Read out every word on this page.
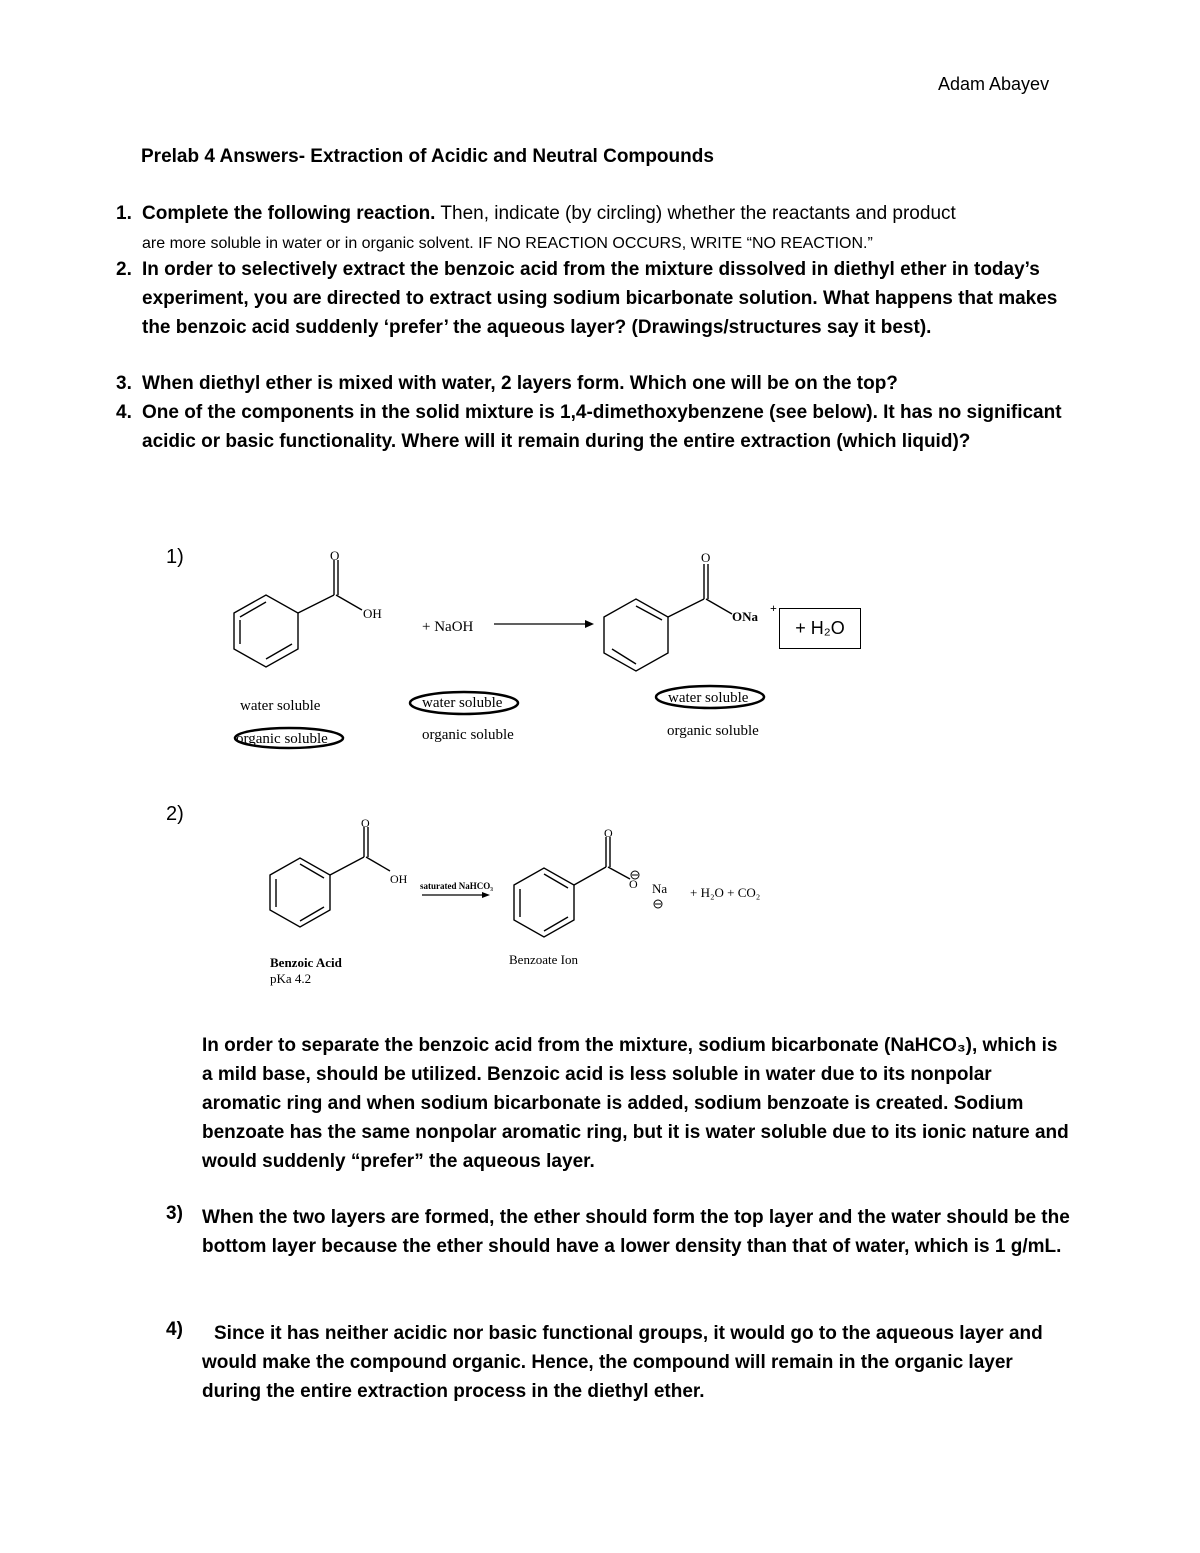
Adam Abayev
Prelab 4 Answers- Extraction of Acidic and Neutral Compounds
1. Complete the following reaction. Then, indicate (by circling) whether the reactants and product
are more soluble in water or in organic solvent. IF NO REACTION OCCURS, WRITE “NO REACTION.”
2. In order to selectively extract the benzoic acid from the mixture dissolved in diethyl ether in today’s experiment, you are directed to extract using sodium bicarbonate solution. What happens that makes the benzoic acid suddenly ‘prefer’ the aqueous layer? (Drawings/structures say it best).
3. When diethyl ether is mixed with water, 2 layers form. Which one will be on the top?
4. One of the components in the solid mixture is 1,4-dimethoxybenzene (see below). It has no significant acidic or basic functionality. Where will it remain during the entire extraction (which liquid)?
1)	O
OH
+ NaOH
O
ONa
+
water soluble
organic soluble
water soluble
organic soluble
water soluble
organic soluble
+ H₂O
2)	O
OH saturated NaHCO₃
O
O Na + H₂O + CO₂
Benzoic Acid
pKa 4.2
Benzoate Ion
In order to separate the benzoic acid from the mixture, sodium bicarbonate (NaHCO₃), which is a mild base, should be utilized. Benzoic acid is less soluble in water due to its nonpolar aromatic ring and when sodium bicarbonate is added, sodium benzoate is created. Sodium benzoate has the same nonpolar aromatic ring, but it is water soluble due to its ionic nature and would suddenly “prefer” the aqueous layer.
3) When the two layers are formed, the ether should form the top layer and the water should be the bottom layer because the ether should have a lower density than that of water, which is 1 g/mL.
4)	Since it has neither acidic nor basic functional groups, it would go to the aqueous layer and would make the compound organic. Hence, the compound will remain in the organic layer during the entire extraction process in the diethyl ether.
